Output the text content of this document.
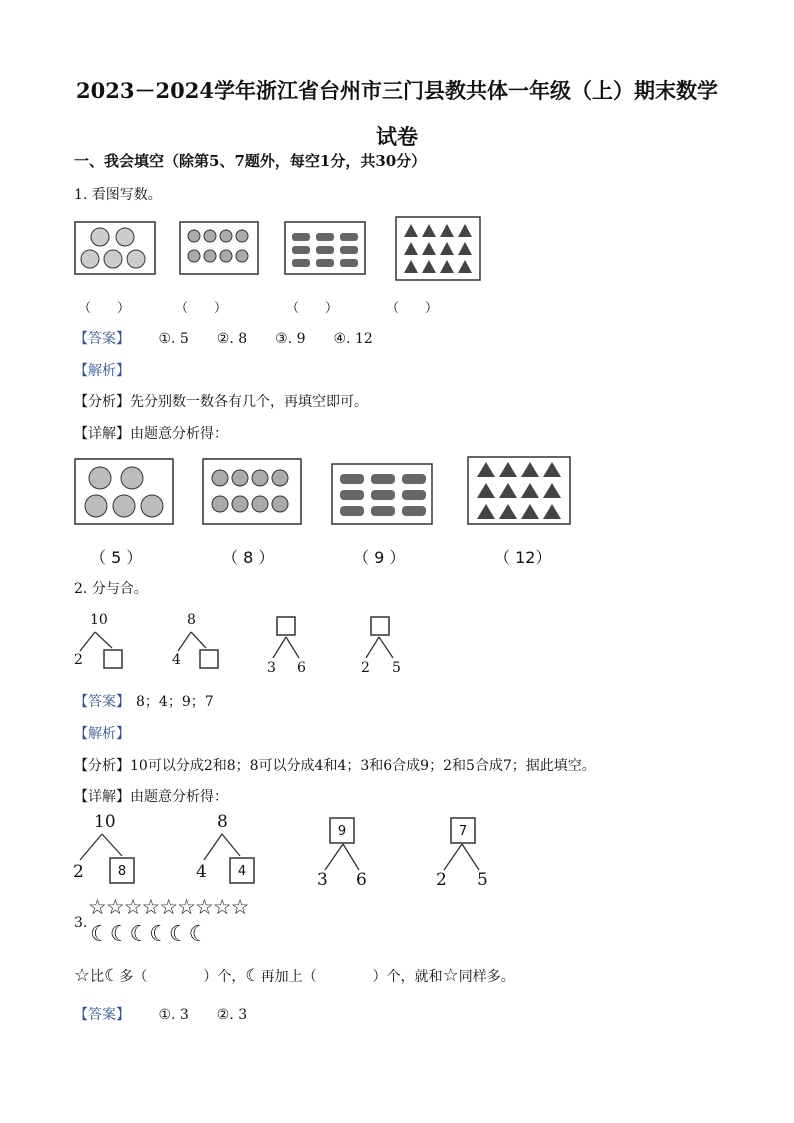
2023－2024学年浙江省台州市三门县教共体一年级（上）期末数学试卷
一、我会填空（除第5、7题外，每空1分，共30分）
1. 看图写数。
（　　）	（　　）	（　　）	（　　）
【答案】 ①. 5　　②. 8　　③. 9　　④. 12
【解析】
【分析】先分别数一数各有几个，再填空即可。
【详解】由题意分析得：
（ 5 ）	（ 8 ）	（ 9 ）	（ 12）
2. 分与合。
10
2
8
4	3 6	2 5
【答案】 8；4；9；7
【解析】
【分析】10可以分成2和8；8可以分成4和4；3和6合成9；2和5合成7；据此填空。
【详解】由题意分析得：
10
2	8
8
4	4
9
3 6
7
2 5
☆☆☆☆☆☆☆☆☆
3. ☾☾☾☾☾☾
☆比☾多（　　　　）个，☾再加上（　　　　）个，就和☆同样多。
【答案】 ①. 3　　②. 3
